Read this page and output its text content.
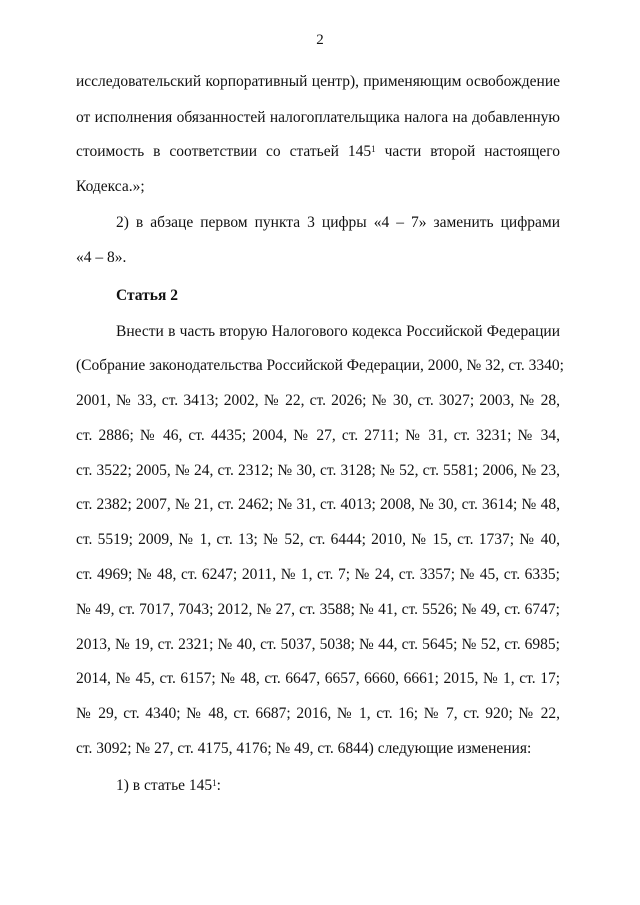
2
исследовательский корпоративный центр), применяющим освобождение
от исполнения обязанностей налогоплательщика налога на добавленную
стоимость в соответствии со статьей $145^1$ части второй настоящего
Кодекса.»;
2) в абзаце первом пункта 3 цифры «4 – 7» заменить цифрами
«4 – 8».
Статья 2
Внести в часть вторую Налогового кодекса Российской Федерации
(Собрание законодательства Российской Федерации, 2000, № 32, ст. 3340;
2001, № 33, ст. 3413; 2002, № 22, ст. 2026; № 30, ст. 3027; 2003, № 28,
ст. 2886; № 46, ст. 4435; 2004, № 27, ст. 2711; № 31, ст. 3231; № 34,
ст. 3522; 2005, № 24, ст. 2312; № 30, ст. 3128; № 52, ст. 5581; 2006, № 23,
ст. 2382; 2007, № 21, ст. 2462; № 31, ст. 4013; 2008, № 30, ст. 3614; № 48,
ст. 5519; 2009, № 1, ст. 13; № 52, ст. 6444; 2010, № 15, ст. 1737; № 40,
ст. 4969; № 48, ст. 6247; 2011, № 1, ст. 7; № 24, ст. 3357; № 45, ст. 6335;
№ 49, ст. 7017, 7043; 2012, № 27, ст. 3588; № 41, ст. 5526; № 49, ст. 6747;
2013, № 19, ст. 2321; № 40, ст. 5037, 5038; № 44, ст. 5645; № 52, ст. 6985;
2014, № 45, ст. 6157; № 48, ст. 6647, 6657, 6660, 6661; 2015, № 1, ст. 17;
№ 29, ст. 4340; № 48, ст. 6687; 2016, № 1, ст. 16; № 7, ст. 920; № 22,
ст. 3092; № 27, ст. 4175, 4176; № 49, ст. 6844) следующие изменения:
1) в статье $145^1$:
